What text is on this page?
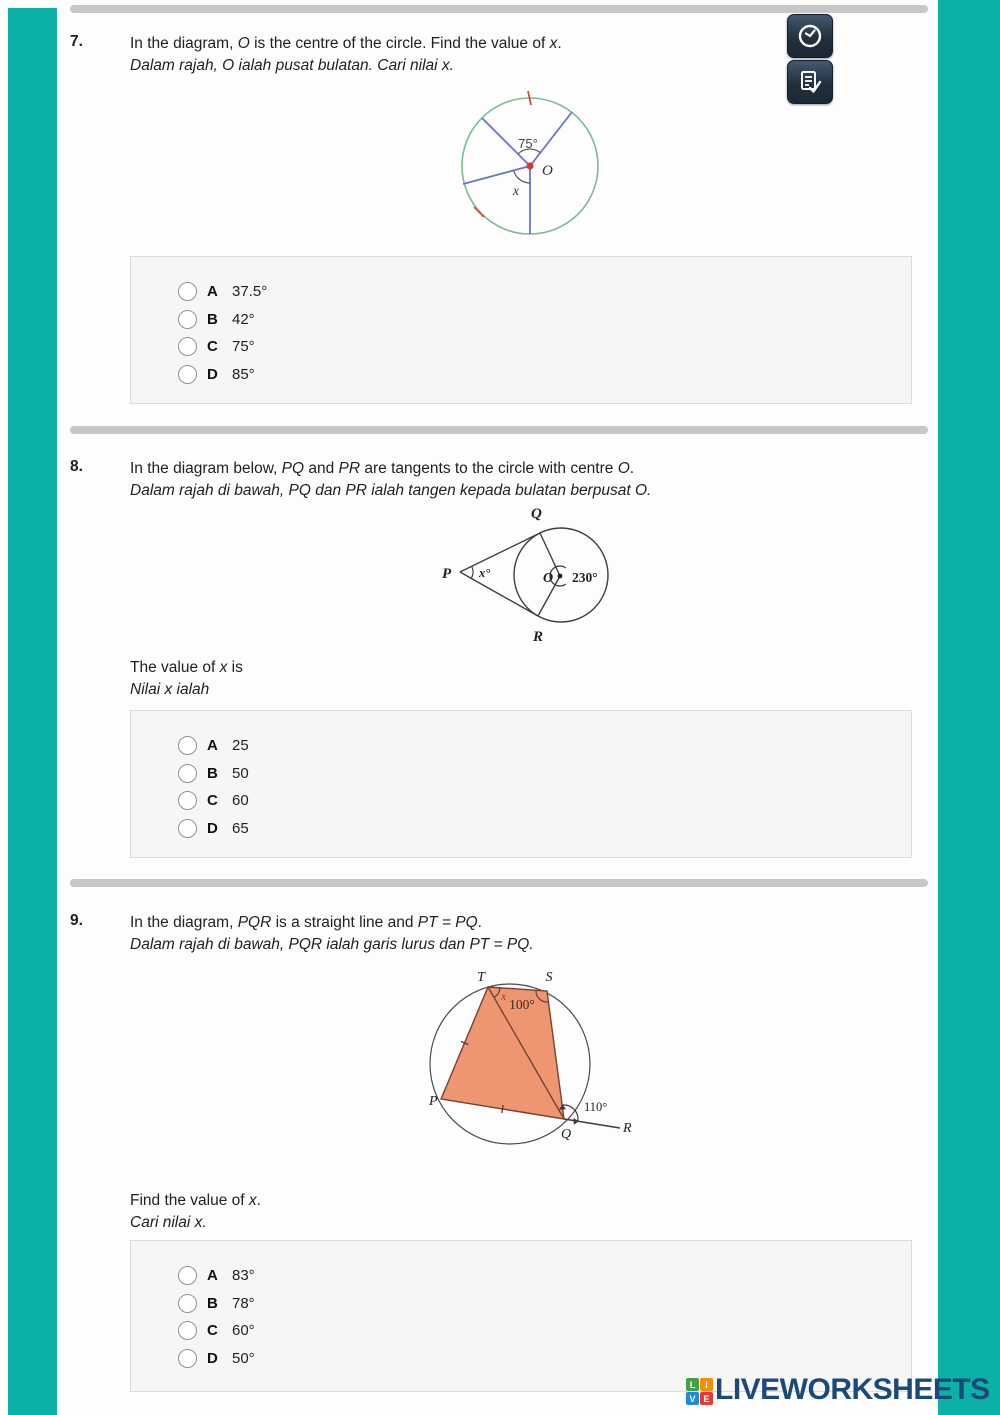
7.	In the diagram, O is the centre of the circle. Find the value of x.
Dalam rajah, O ialah pusat bulatan. Cari nilai x.
75°
x
O
A 37.5°
B 42°
C 75°
D 85°
8.	In the diagram below, PQ and PR are tangents to the circle with centre O.
Dalam rajah di bawah, PQ dan PR ialah tangen kepada bulatan berpusat O.
P x°
Q
R
O 230°
The value of x is
Nilai x ialah
A 25
B 50
C 60
D 65
9.	In the diagram, PQR is a straight line and PT = PQ.
Dalam rajah di bawah, PQR ialah garis lurus dan PT = PQ.
T	S
P
Q	R
x 100°
110°
Find the value of x.
Cari nilai x.
A 83°
B 78°
C 60°
D 50°
L	I
V E LIVEWORKSHEETS
